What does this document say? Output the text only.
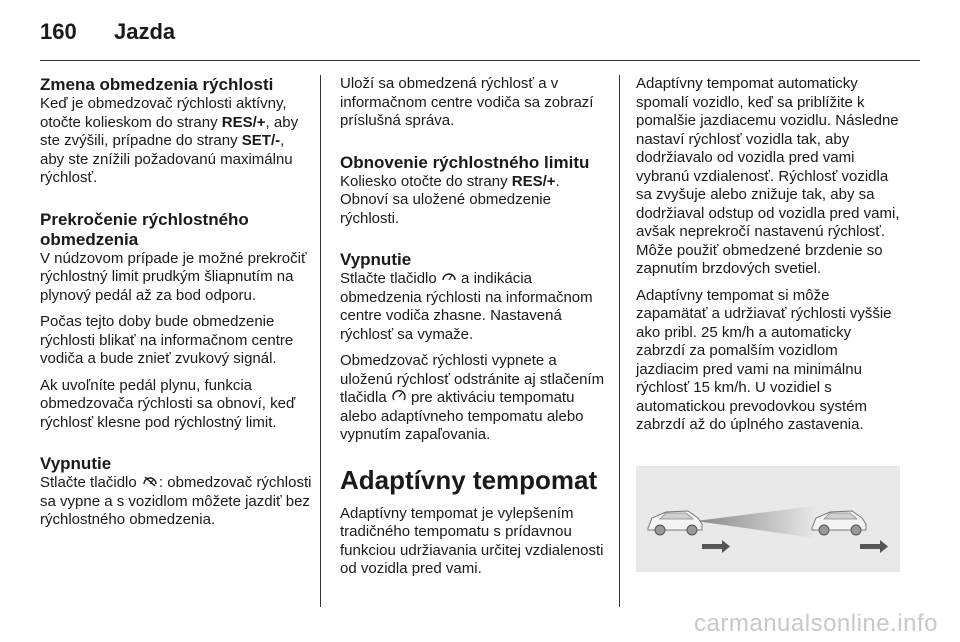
160 Jazda
Zmena obmedzenia rýchlosti

Keď je obmedzovač rýchlosti aktívny, otočte kolieskom do strany RES/+, aby ste zvýšili, prípadne do strany SET/-, aby ste znížili požadovanú maximálnu rýchlosť.

Prekročenie rýchlostného obmedzenia

V núdzovom prípade je možné prekročiť rýchlostný limit prudkým šliapnutím na plynový pedál až za bod odporu.

Počas tejto doby bude obmedzenie rýchlosti blikať na informačnom centre vodiča a bude znieť zvukový signál.

Ak uvoľníte pedál plynu, funkcia obmedzovača rýchlosti sa obnoví, keď rýchlosť klesne pod rýchlostný limit.

Vypnutie

Stlačte tlačidlo : obmedzovač rýchlosti sa vypne a s vozidlom môžete jazdiť bez rýchlostného obmedzenia.

Uloží sa obmedzená rýchlosť a v informačnom centre vodiča sa zobrazí príslušná správa.

Obnovenie rýchlostného limitu

Koliesko otočte do strany RES/+. Obnoví sa uložené obmedzenie rýchlosti.

Vypnutie

Stlačte tlačidlo  a indikácia obmedzenia rýchlosti na informačnom centre vodiča zhasne. Nastavená rýchlosť sa vymaže.

Obmedzovač rýchlosti vypnete a uloženú rýchlosť odstránite aj stlačením tlačidla  pre aktiváciu tempomatu alebo adaptívneho tempomatu alebo vypnutím zapaľovania.

Adaptívny tempomat

Adaptívny tempomat je vylepšením tradičného tempomatu s prídavnou funkciou udržiavania určitej vzdialenosti od vozidla pred vami.

Adaptívny tempomat automaticky spomalí vozidlo, keď sa priblížite k pomalšie jazdiacemu vozidlu. Následne nastaví rýchlosť vozidla tak, aby dodržiavalo od vozidla pred vami vybranú vzdialenosť. Rýchlosť vozidla sa zvyšuje alebo znižuje tak, aby sa dodržiaval odstup od vozidla pred vami, avšak neprekročí nastavenú rýchlosť. Môže použiť obmedzené brzdenie so zapnutím brzdových svetiel.

Adaptívny tempomat si môže zapamätať a udržiavať rýchlosti vyššie ako pribl. 25 km/h a automaticky zabrzdí za pomalším vozidlom jazdiacim pred vami na minimálnu rýchlosť 15 km/h. U vozidiel s automatickou prevodovkou systém zabrzdí až do úplného zastavenia.

carmanualsonline.info
